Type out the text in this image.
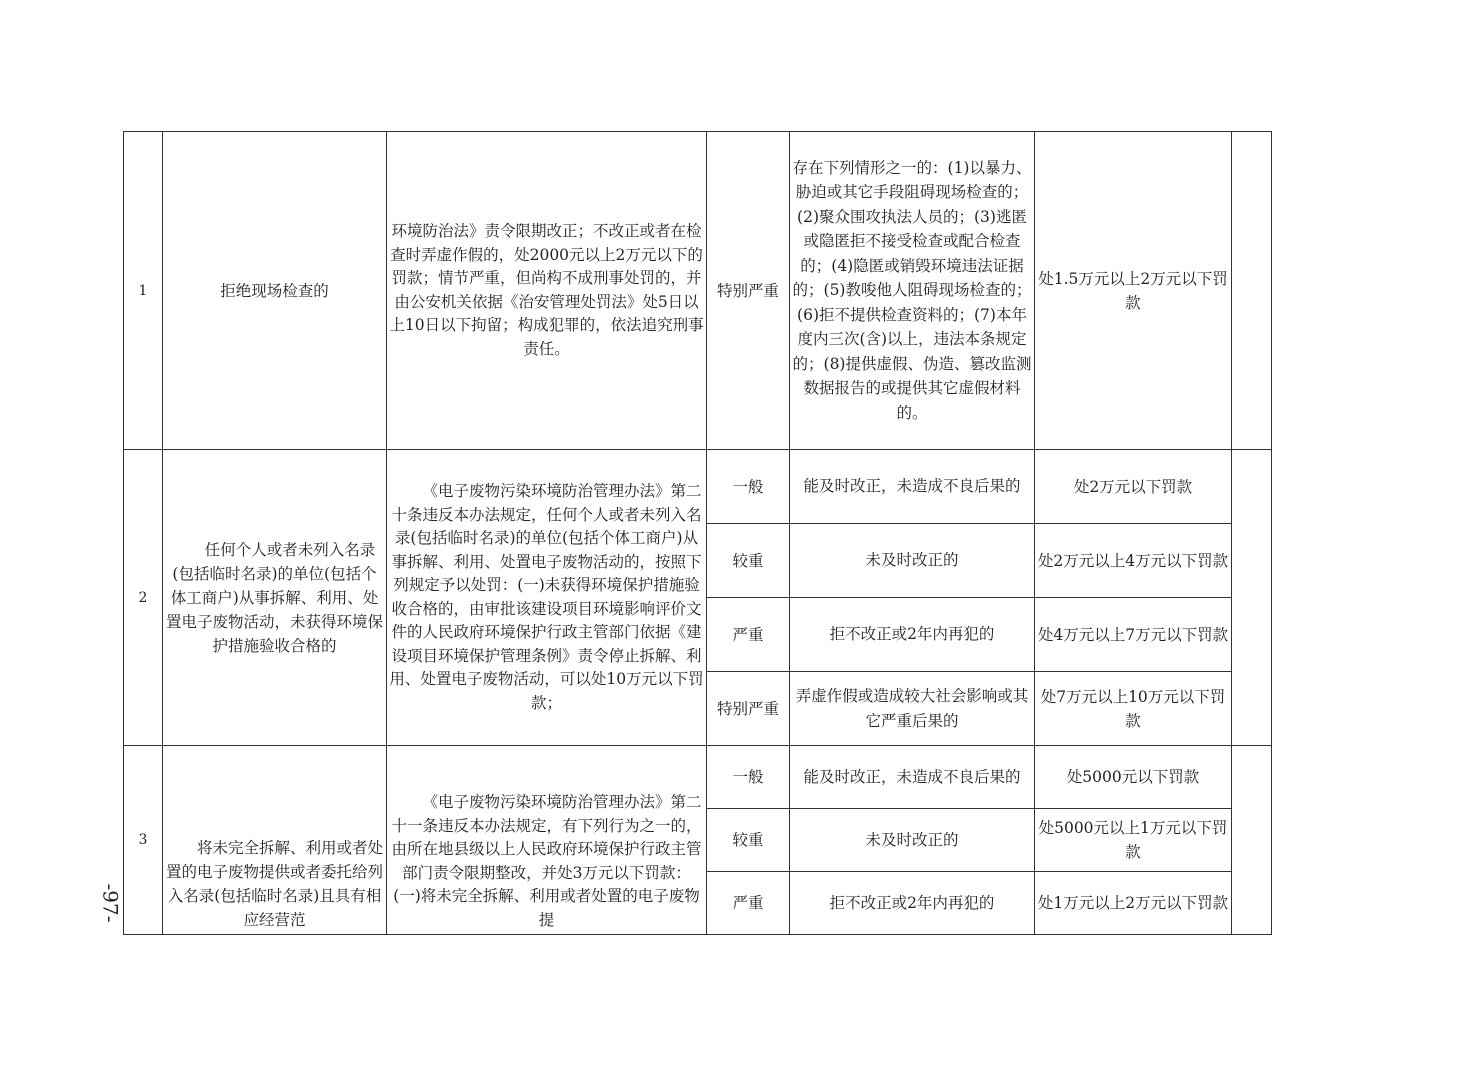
1	拒绝现场检查的	环境防治法》责令限期改正；不改正或者在检查时弄虚作假的，处2000元以上2万元以下的罚款；情节严重，但尚构不成刑事处罚的，并由公安机关依据《治安管理处罚法》处5日以上10日以下拘留；构成犯罪的，依法追究刑事责任。	特别严重	存在下列情形之一的：(1)以暴力、胁迫或其它手段阻碍现场检查的；(2)聚众围攻执法人员的；(3)逃匿或隐匿拒不接受检查或配合检查的；(4)隐匿或销毁环境违法证据的；(5)教唆他人阻碍现场检查的；(6)拒不提供检查资料的；(7)本年度内三次(含)以上，违法本条规定的；(8)提供虚假、伪造、篡改监测数据报告的或提供其它虚假材料的。	处1.5万元以上2万元以下罚款	
2	任何个人或者未列入名录(包括临时名录)的单位(包括个体工商户)从事拆解、利用、处置电子废物活动，未获得环境保护措施验收合格的	《电子废物污染环境防治管理办法》第二十条违反本办法规定，任何个人或者未列入名录(包括临时名录)的单位(包括个体工商户)从事拆解、利用、处置电子废物活动的，按照下列规定予以处罚：(一)未获得环境保护措施验收合格的，由审批该建设项目环境影响评价文件的人民政府环境保护行政主管部门依据《建设项目环境保护管理条例》责令停止拆解、利用、处置电子废物活动，可以处10万元以下罚款；	一般	能及时改正，未造成不良后果的	处2万元以下罚款	
			较重	未及时改正的	处2万元以上4万元以下罚款	
			严重	拒不改正或2年内再犯的	处4万元以上7万元以下罚款	
			特别严重	弄虚作假或造成较大社会影响或其它严重后果的	处7万元以上10万元以下罚款	
3	将未完全拆解、利用或者处置的电子废物提供或者委托给列入名录(包括临时名录)且具有相应经营范	《电子废物污染环境防治管理办法》第二十一条违反本办法规定，有下列行为之一的，由所在地县级以上人民政府环境保护行政主管部门责令限期整改，并处3万元以下罚款：(一)将未完全拆解、利用或者处置的电子废物提	一般	能及时改正，未造成不良后果的	处5000元以下罚款	
			较重	未及时改正的	处5000元以上1万元以下罚款	
			严重	拒不改正或2年内再犯的	处1万元以上2万元以下罚款	
-97-
